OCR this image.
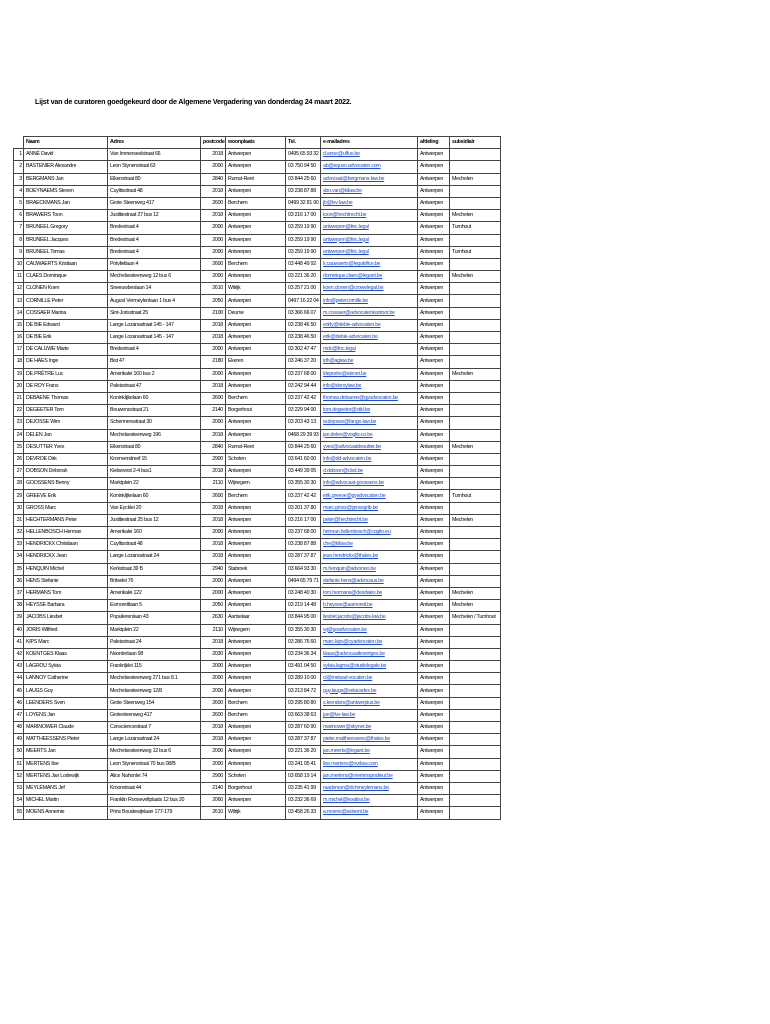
Lijst van de curatoren goedgekeurd door de Algemene Vergadering van donderdag 24 maart 2022.
	Naam	Adres	postcode	woonplaats	Tel.	e-mailadres	afdeling	subsidiair
1	ANNÉ David	Van Immerseelstraat 66	2018	Antwerpen	0495 65 93 32	d.anne@uffuo.be	Antwerpen	
2	BASTENIER Alexandre	Leon Stynenstraat 63	2000	Antwerpen	03 750 94 50	ab@equvo.advocaten.com	Antwerpen	
3	BERGMANS Jan	Elkenstraat 80	2840	Rumst-Reet	03 844 25 60	advocaat@bergmans-law.be	Antwerpen	Mechelen
4	BOEYNAEMS Steven	Cuylitsstraat 48	2018	Antwerpen	03 238 87 88	sbo.van@kllaw.be	Antwerpen	
5	BRAECKMANS Jan	Grote Steenweg 417	2600	Berchem	0499 32 81 90	jb@lvv-law.be	Antwerpen	
6	BRAWERS Toon	Justitiestraat 27 bus 12	2018	Antwerpen	03 216 17 00	toon@hechtrecht.be	Antwerpen	Mechelen
7	BRUNEEL Gregory	Bredestraat 4	2000	Antwerpen	03 259 19 90	antwerpen@linc.legal	Antwerpen	Turnhout
8	BRUNEEL Jacques	Bredestraat 4	2000	Antwerpen	03 259 19 90	antwerpen@linc.legal	Antwerpen	
9	BRUNEEL Tomas	Bredestraat 4	2000	Antwerpen	03 259 19 90	antwerpen@linc.legal	Antwerpen	Turnhout
10	CAUWAERTS Kristiaan	Potvlietlaan 4	2600	Berchem	03 448 49 92	k.cauwaerts@legalofice.be	Antwerpen	
11	CLAES Dominique	Mechelsesteenweg 12 bus 6	2000	Antwerpen	03 221 36 20	dominique.claes@legant.be	Antwerpen	Mechelen
12	CLONEN Koen	Sneeuwbeslaan 14	2610	Wilrijk	03 257 21 00	koen.clonen@crowelegal.be	Antwerpen	
13	CORNILLE Peter	August Vermeylenlaan 1 bus 4	2050	Antwerpen	0497 16 22 04	info@petercornille.be	Antwerpen	
14	COSSAER Marina	Sint-Jorisstraat 25	2100	Deurne	03 366 66 07	m.cossaer@advocatenkantoor.be	Antwerpen	
15	DE BIE Edward	Lange Lozanastraat 145 - 147	2018	Antwerpen	03 238 46 50	eddy@debie-advocaten.be	Antwerpen	
16	DE BIE Erik	Lange Lozanastraat 145 - 147	2018	Antwerpen	03 238 46 50	erik@debie-advocaten.be	Antwerpen	
17	DE CALUWE Marte	Bredestraat 4	2000	Antwerpen	03 302 47 47	mdc@linc.legal	Antwerpen	
18	DE HAES Inge	Bist 47	2180	Ekeren	03 246 37 20	idh@aglaw.be	Antwerpen	
19	DE PRÊTRE Luc	Amerikalei 160 bus 2	2000	Antwerpen	03 237 68 00	ldepretre@elenet.be	Antwerpen	Mechelen
20	DE ROY Frans	Paleisstraat 47	2018	Antwerpen	03 242 94 44	info@deroylaw.be	Antwerpen	
21	DEBAENE Thomas	Koninklijkelaan 60	2600	Berchem	03 237 42 42	thomas.debaene@gyadvocaten.be	Antwerpen	
22	DEGEETER Tom	Bouwensstraat 21	2140	Borgerhout	03 229 94 00	tom.degeeter@stld.be	Antwerpen	
23	DEJOSSE Wim	Schermersstraat 30	2000	Antwerpen	03 203 43 13	w.dejosse@fango-law.be	Antwerpen	
24	DELEN Jan	Mechelsesteenweg 196	2018	Antwerpen	0468 29 39 93	jan.delen@voglis-co.be	Antwerpen	
25	DESUTTER Yves	Elkenstraat 80	2840	Rumst-Reet	03 844 25 60	yves@advocaatdesutter.be	Antwerpen	Mechelen
26	DEVROE Dirk	Kromvendreef 15	2900	Schoten	03 641 60 00	info@dd-advocaten.be	Antwerpen	
27	DOBSON Deborah	Kielsevest 2-4 bus1	2018	Antwerpen	03 449 39 05	d.dobson@clsd.be	Antwerpen	
28	GOOSSENS Benny	Marktplein 22	2110	Wijnegem	03 355 30 30	info@advocaat-goossens.be	Antwerpen	
29	GREEVE Erik	Koninklijkelaan 60	2600	Berchem	03 237 42 42	erik.greeve@gyadvocaten.be	Antwerpen	Turnhout
30	GROSS Marc	Van Eycklei 20	2018	Antwerpen	03 201 37 80	marc.gross@grossgrib.be	Antwerpen	
31	HECHTERMANS Peter	Justitiestraat 25 bus 12	2018	Antwerpen	03 216 17 00	peter@hechtrecht.be	Antwerpen	Mechelen
32	HELLENBOSCH Herman	Amerikalei 160	2000	Antwerpen	03 237 68 00	herman.hellenbosch@cogito.eu	Antwerpen	
33	HENDRICKX Christiaan	Cuylitsstraat 48	2018	Antwerpen	03 238 87 88	che@kllaw.be	Antwerpen	
34	HENDRICKX Jean	Lange Lozanastraat 24	2018	Antwerpen	03 287 37 87	jean.hendrickx@thales.be	Antwerpen	
35	HENQUIN Michel	Kerkstraat 39 B	2940	Stabroek	03 664 93 30	m.henquin@advoneo.be	Antwerpen	
36	HENS Stefanie	Britselei 76	2000	Antwerpen	0494 65 79 71	stefanie.hens@advocaus.be	Antwerpen	
37	HERMANS Tom	Amerikalei 122	2000	Antwerpen	03 248 40 30	tom.hermans@desdalex.be	Antwerpen	Mechelen
38	HEYSSE Barbara	Esmoreitlaan 5	2050	Antwerpen	03 219 14 48	b.heysse@aamoreit.be	Antwerpen	Mechelen
39	JACOBS Liesbet	Populierenlaan 43	2630	Aartselaar	03 844 95 00	liesbet.jacobs@jacobs-law.be	Antwerpen	Mechelen / Turnhout
40	JORIS Wilfried	Marktplein 22	2110	Wijnegem	03 355 30 30	wj@goadvocaten.be	Antwerpen	
41	KIPS Marc	Paleisstraat 24	2018	Antwerpen	03 286 76 60	marc.kips@cyadvocaten.be	Antwerpen	
42	KOENTGES Klaas	Noorderlaan 98	2030	Antwerpen	03 234 36 34	klaas@advocaatkoentges.be	Antwerpen	
43	LAGROU Sylvia	Frankrijklei 115	2000	Antwerpen	03 491 04 50	sylvia.lagrou@studiolegale.be	Antwerpen	
44	LANNOY Catherine	Mechelsesteenweg 271 bus 8.1	2000	Antwerpen	03 289 10 00	cl@metsad-vocaten.be	Antwerpen	
45	LAUGS Guy	Mechelsesteenweg 12/8	2000	Antwerpen	03 213 84 72	guy.laugs@selacadex.be	Antwerpen	
46	LEENDERS Sven	Grote Steenweg 154	2600	Berchem	03 295 80 80	s.leenders@antwerpius.be	Antwerpen	
47	LOYENS Jan	Grotesteenweg 417	2600	Berchem	03 663 38 63	jan@lvv-law.be	Antwerpen	
48	MARINOWER Claude	Consciencestraat 7	2018	Antwerpen	03 287 60 90	marinower@skynet.be	Antwerpen	
49	MATTHEESSENS Pieter	Lange Lozanastraat 24	2018	Antwerpen	03 287 37 87	pieter.mattheessens@thales.be	Antwerpen	
50	MEERTS Jan	Mechelsesteenweg 12 bus 6	2000	Antwerpen	03 221 36 20	jan.meerts@legant.be	Antwerpen	
51	MERTENS Ilse	Leon Stynenstraat 70 bus 08/B	2000	Antwerpen	03 241 05 41	ilse.mertens@vvdaw.com	Antwerpen	
52	MERTENS Jan Lodewijk	Alice Nahonlei 74	2900	Schoten	03 658 19 14	jan.mertens@mertenspodieur.be	Antwerpen	
53	MEYLEMANS Jef	Kroonstraat 44	2140	Borgerhout	03 235 41 99	raadsman@dchmeylemans.be	Antwerpen	
54	MICHEL Martin	Franklin Rooseveltplaats 12 bus 20	2060	Antwerpen	03 232 36 69	m.michel@lexatiss.be	Antwerpen	
55	MOENS Annemie	Prins Boudewijnlaan 177-179	2610	Wilrijk	03 458 26 33	a.moens@axisent.be	Antwerpen	
